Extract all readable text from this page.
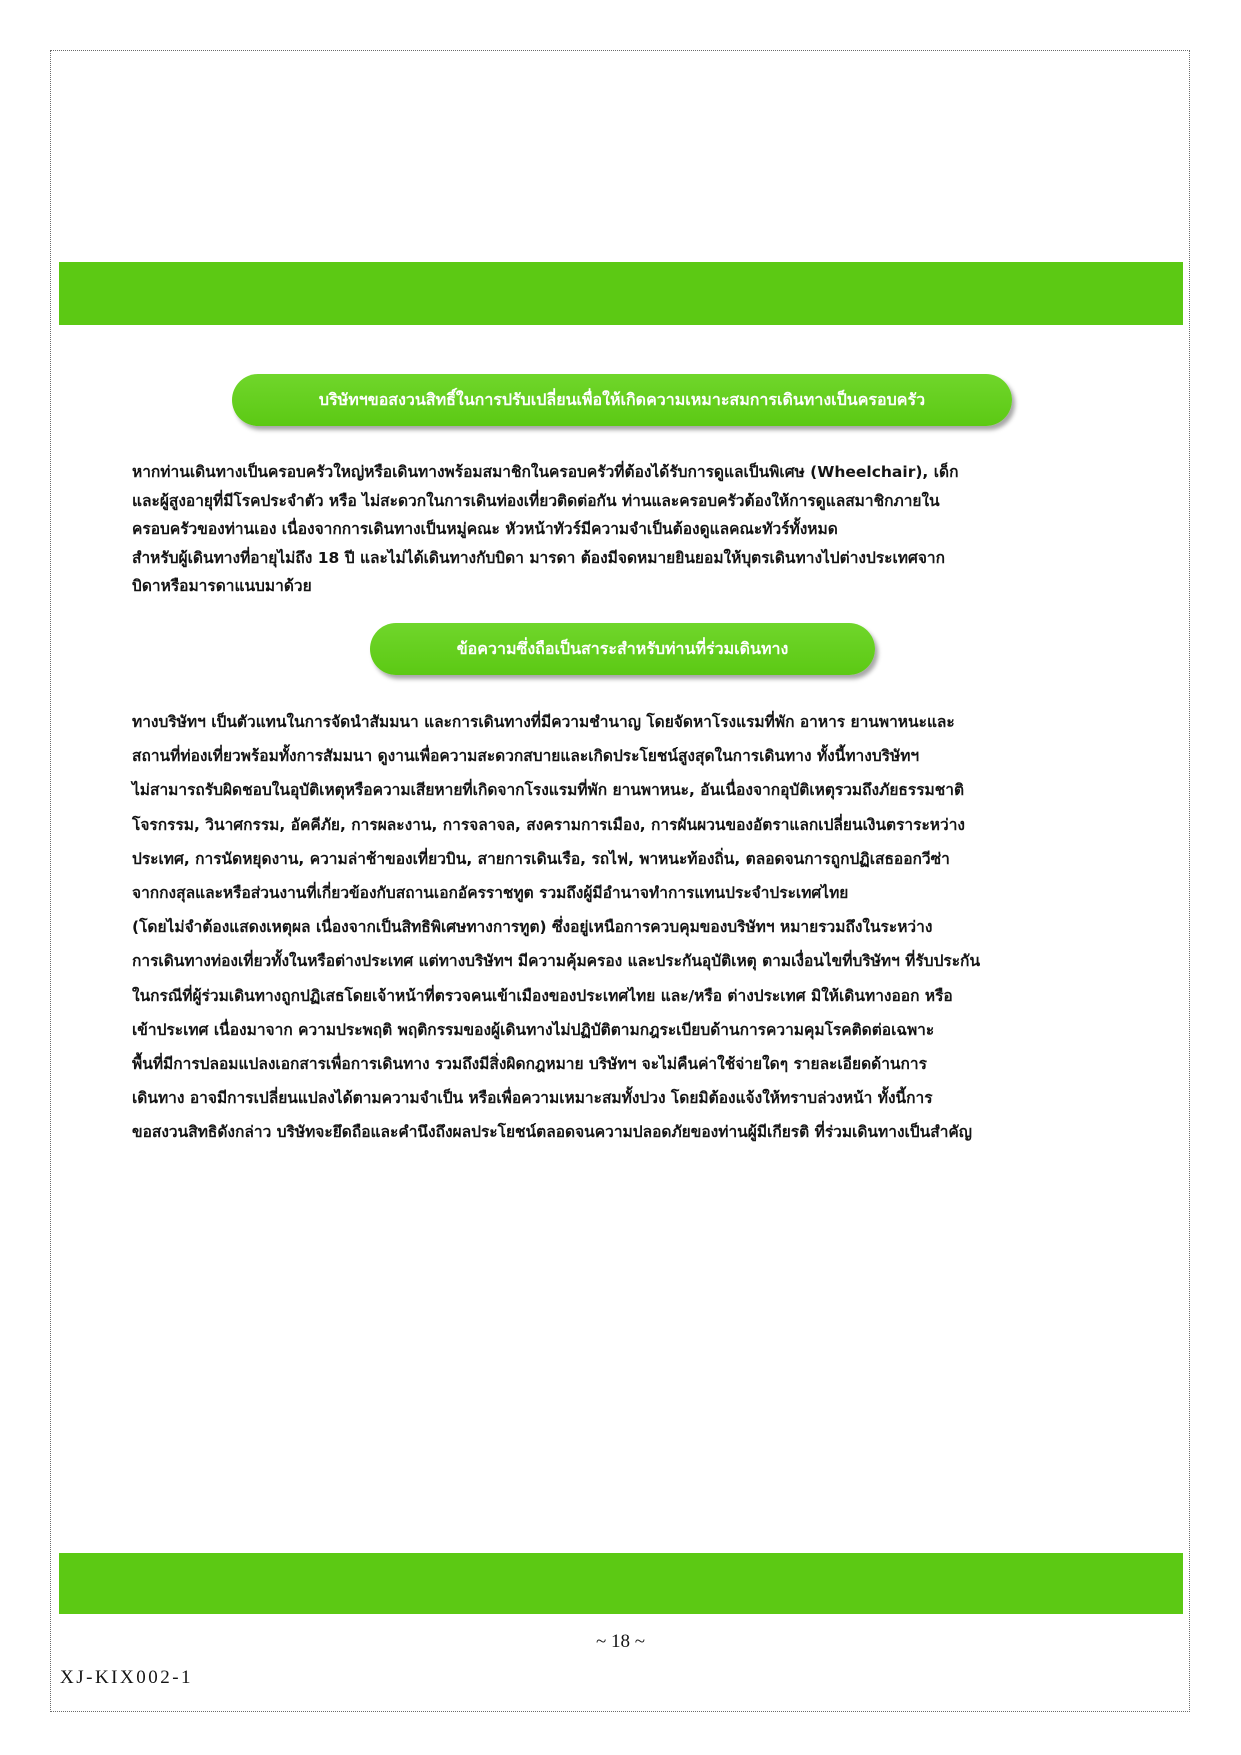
บริษัทฯขอสงวนสิทธิ์ในการปรับเปลี่ยนเพื่อให้เกิดความเหมาะสมการเดินทางเป็นครอบครัว
หากท่านเดินทางเป็นครอบครัวใหญ่หรือเดินทางพร้อมสมาชิกในครอบครัวที่ต้องได้รับการดูแลเป็นพิเศษ (Wheelchair), เด็ก
และผู้สูงอายุที่มีโรคประจำตัว หรือ ไม่สะดวกในการเดินท่องเที่ยวติดต่อกัน ท่านและครอบครัวต้องให้การดูแลสมาชิกภายใน
ครอบครัวของท่านเอง เนื่องจากการเดินทางเป็นหมู่คณะ หัวหน้าทัวร์มีความจำเป็นต้องดูแลคณะทัวร์ทั้งหมด
สำหรับผู้เดินทางที่อายุไม่ถึง 18 ปี และไม่ได้เดินทางกับบิดา มารดา ต้องมีจดหมายยินยอมให้บุตรเดินทางไปต่างประเทศจาก
บิดาหรือมารดาแนบมาด้วย
ข้อความซึ่งถือเป็นสาระสำหรับท่านที่ร่วมเดินทาง
ทางบริษัทฯ เป็นตัวแทนในการจัดนำสัมมนา และการเดินทางที่มีความชำนาญ โดยจัดหาโรงแรมที่พัก อาหาร ยานพาหนะและ
สถานที่ท่องเที่ยวพร้อมทั้งการสัมมนา ดูงานเพื่อความสะดวกสบายและเกิดประโยชน์สูงสุดในการเดินทาง ทั้งนี้ทางบริษัทฯ
ไม่สามารถรับผิดชอบในอุบัติเหตุหรือความเสียหายที่เกิดจากโรงแรมที่พัก ยานพาหนะ, อันเนื่องจากอุบัติเหตุรวมถึงภัยธรรมชาติ
โจรกรรม, วินาศกรรม, อัคคีภัย, การผละงาน, การจลาจล, สงครามการเมือง, การผันผวนของอัตราแลกเปลี่ยนเงินตราระหว่าง
ประเทศ, การนัดหยุดงาน, ความล่าช้าของเที่ยวบิน, สายการเดินเรือ, รถไฟ, พาหนะท้องถิ่น, ตลอดจนการถูกปฏิเสธออกวีซ่า
จากกงสุลและหรือส่วนงานที่เกี่ยวข้องกับสถานเอกอัครราชทูต รวมถึงผู้มีอำนาจทำการแทนประจำประเทศไทย
(โดยไม่จำต้องแสดงเหตุผล เนื่องจากเป็นสิทธิพิเศษทางการทูต) ซึ่งอยู่เหนือการควบคุมของบริษัทฯ หมายรวมถึงในระหว่าง
การเดินทางท่องเที่ยวทั้งในหรือต่างประเทศ แต่ทางบริษัทฯ มีความคุ้มครอง และประกันอุบัติเหตุ ตามเงื่อนไขที่บริษัทฯ ที่รับประกัน
ในกรณีที่ผู้ร่วมเดินทางถูกปฏิเสธโดยเจ้าหน้าที่ตรวจคนเข้าเมืองของประเทศไทย และ/หรือ ต่างประเทศ มิให้เดินทางออก หรือ
เข้าประเทศ เนื่องมาจาก ความประพฤติ พฤติกรรมของผู้เดินทางไม่ปฏิบัติตามกฎระเบียบด้านการความคุมโรคติดต่อเฉพาะ
พื้นที่มีการปลอมแปลงเอกสารเพื่อการเดินทาง รวมถึงมีสิ่งผิดกฎหมาย บริษัทฯ จะไม่คืนค่าใช้จ่ายใดๆ รายละเอียดด้านการ
เดินทาง อาจมีการเปลี่ยนแปลงได้ตามความจำเป็น หรือเพื่อความเหมาะสมทั้งปวง โดยมิต้องแจ้งให้ทราบล่วงหน้า ทั้งนี้การ
ขอสงวนสิทธิดังกล่าว บริษัทจะยึดถือและคำนึงถึงผลประโยชน์ตลอดจนความปลอดภัยของท่านผู้มีเกียรติ ที่ร่วมเดินทางเป็นสำคัญ
~ 18 ~
XJ-KIX002-1
